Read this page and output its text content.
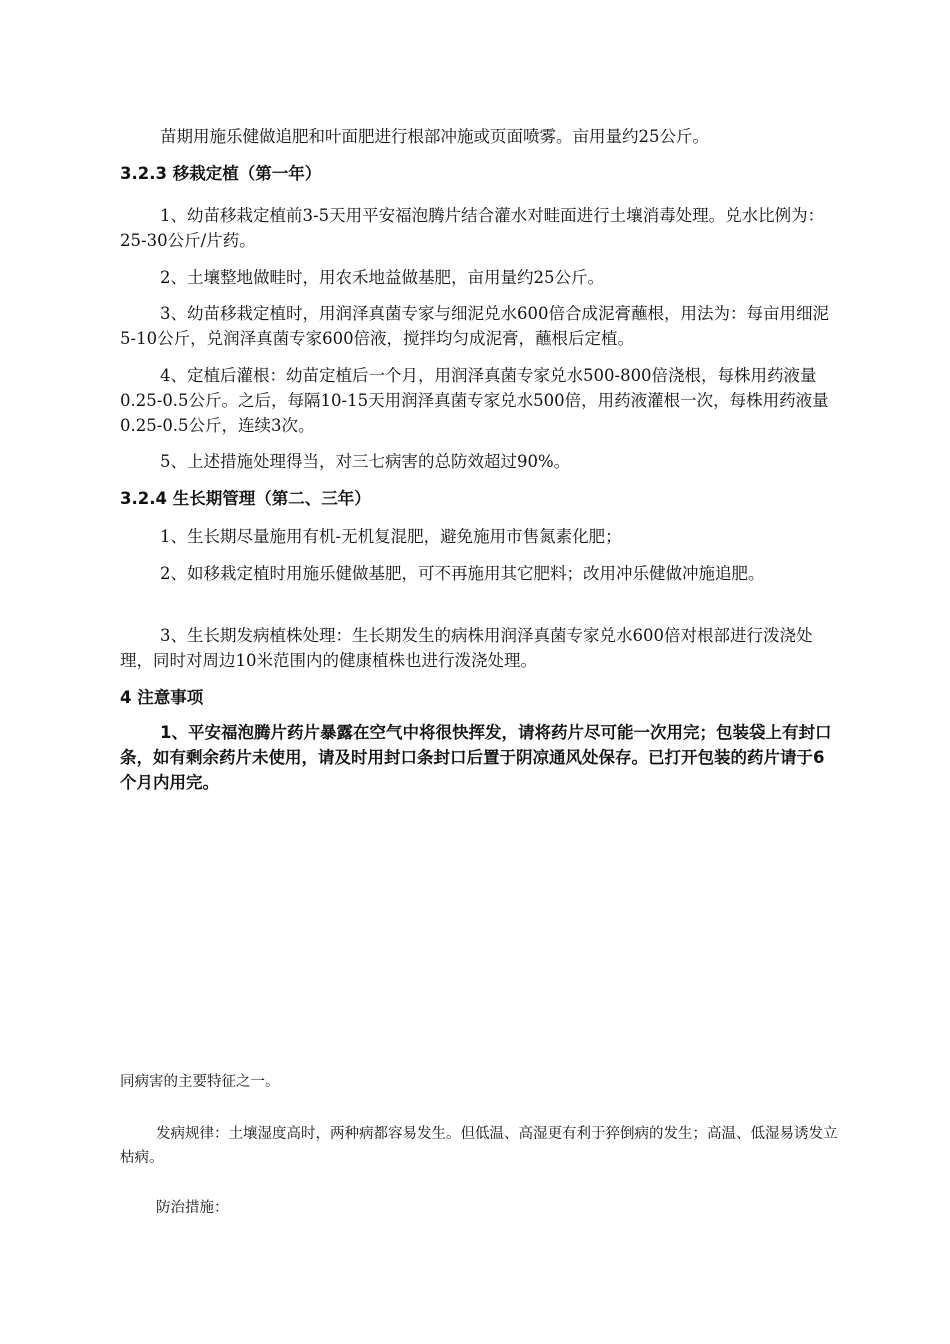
苗期用施乐健做追肥和叶面肥进行根部冲施或页面喷雾。亩用量约25公斤。

3.2.3 移栽定植（第一年）

1、幼苗移栽定植前3-5天用平安福泡腾片结合灌水对畦面进行土壤消毒处理。兑水比例为：25-30公斤/片药。

2、土壤整地做畦时，用农禾地益做基肥，亩用量约25公斤。

3、幼苗移栽定植时，用润泽真菌专家与细泥兑水600倍合成泥膏蘸根，用法为：每亩用细泥5-10公斤，兑润泽真菌专家600倍液，搅拌均匀成泥膏，蘸根后定植。

4、定植后灌根：幼苗定植后一个月，用润泽真菌专家兑水500-800倍浇根，每株用药液量0.25-0.5公斤。之后，每隔10-15天用润泽真菌专家兑水500倍，用药液灌根一次，每株用药液量0.25-0.5公斤，连续3次。

5、上述措施处理得当，对三七病害的总防效超过90%。

3.2.4 生长期管理（第二、三年）

1、生长期尽量施用有机-无机复混肥，避免施用市售氮素化肥；

2、如移栽定植时用施乐健做基肥，可不再施用其它肥料；改用冲乐健做冲施追肥。

3、生长期发病植株处理：生长期发生的病株用润泽真菌专家兑水600倍对根部进行泼浇处理，同时对周边10米范围内的健康植株也进行泼浇处理。

4 注意事项

1、平安福泡腾片药片暴露在空气中将很快挥发，请将药片尽可能一次用完；包装袋上有封口条，如有剩余药片未使用，请及时用封口条封口后置于阴凉通风处保存。已打开包装的药片请于6个月内用完。

同病害的主要特征之一。

发病规律：土壤湿度高时，两种病都容易发生。但低温、高湿更有利于猝倒病的发生；高温、低湿易诱发立枯病。

防治措施：
